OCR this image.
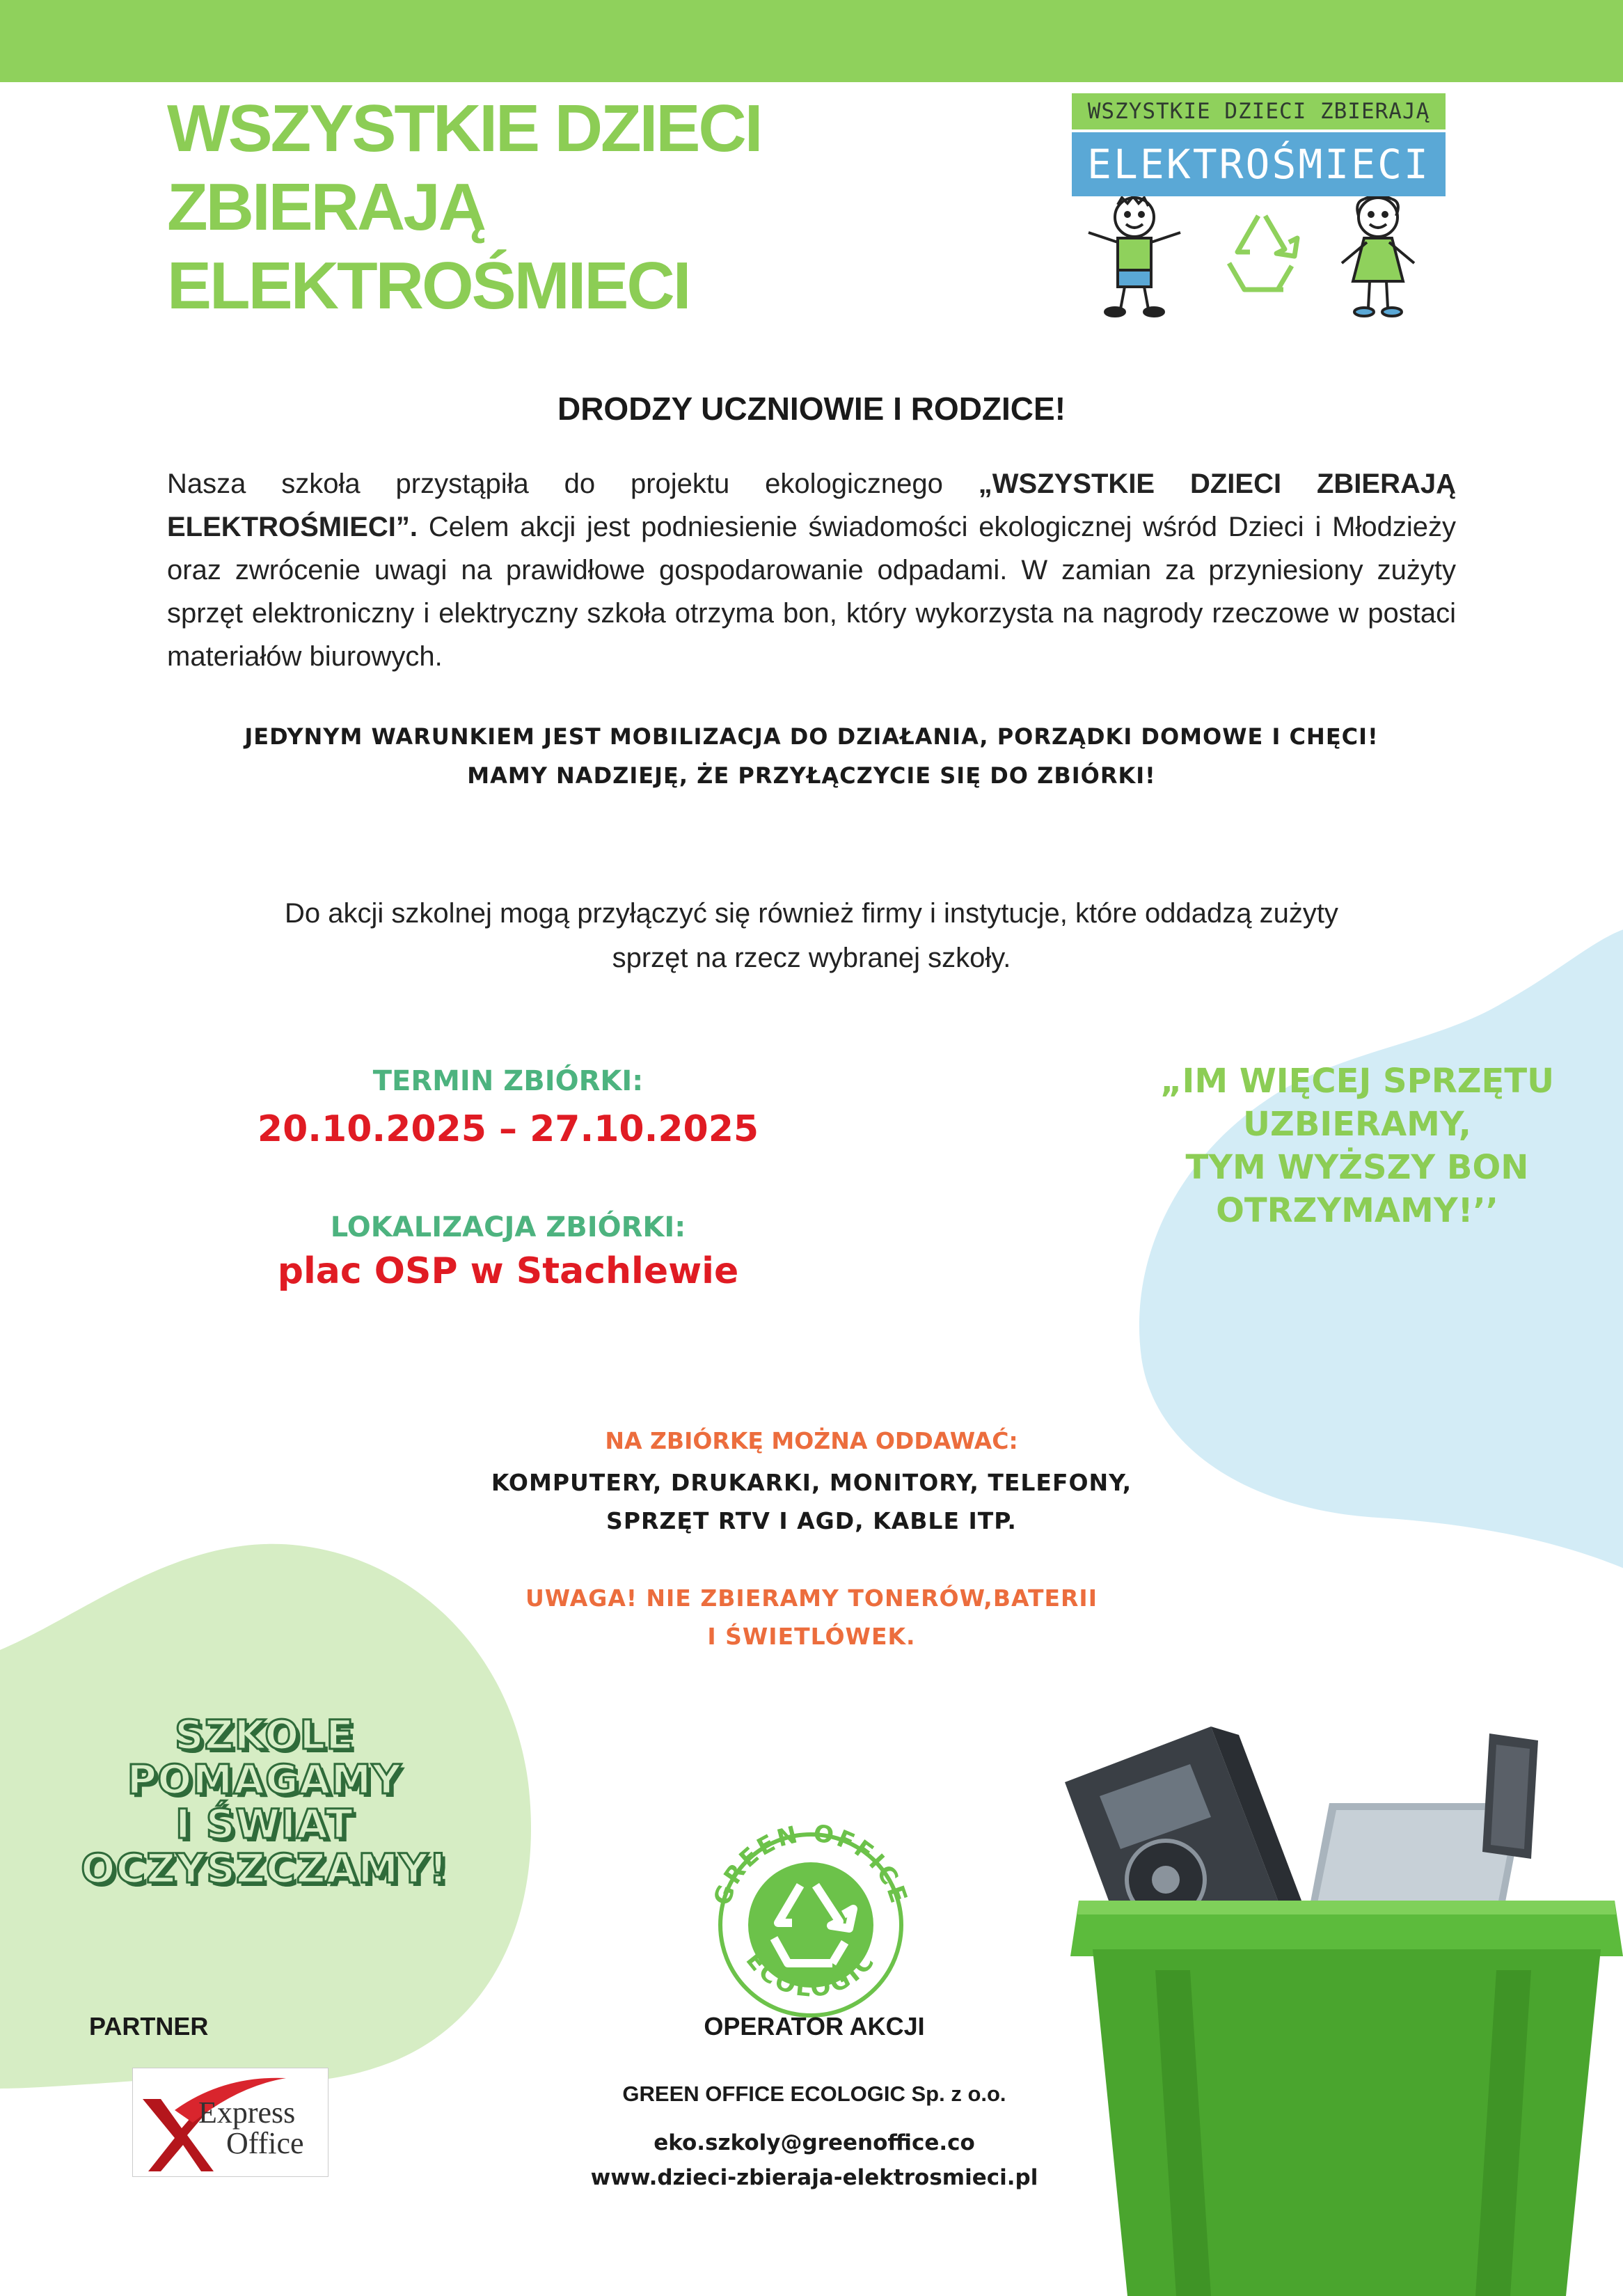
WSZYSTKIE DZIECI
ZBIERAJĄ
ELEKTROŚMIECI
WSZYSTKIE DZIECI ZBIERAJĄ
ELEKTROŚMIECI
DRODZY UCZNIOWIE I RODZICE!
Nasza szkoła przystąpiła do projektu ekologicznego „WSZYSTKIE DZIECI ZBIERAJĄ ELEKTROŚMIECI”. Celem akcji jest podniesienie świadomości ekologicznej wśród Dzieci i Młodzieży oraz zwrócenie uwagi na prawidłowe gospodarowanie odpadami. W zamian za przyniesiony zużyty sprzęt elektroniczny i elektryczny szkoła otrzyma bon, który wykorzysta na nagrody rzeczowe w postaci materiałów biurowych.
JEDYNYM WARUNKIEM JEST MOBILIZACJA DO DZIAŁANIA, PORZĄDKI DOMOWE I CHĘCI!
MAMY NADZIEJĘ, ŻE PRZYŁĄCZYCIE SIĘ DO ZBIÓRKI!
Do akcji szkolnej mogą przyłączyć się również firmy i instytucje, które oddadzą zużyty
sprzęt na rzecz wybranej szkoły.
TERMIN ZBIÓRKI:
20.10.2025 – 27.10.2025
LOKALIZACJA ZBIÓRKI:
plac OSP w Stachlewie
„IM WIĘCEJ SPRZĘTU
UZBIERAMY,
TYM WYŻSZY BON
OTRZYMAMY!’’
NA ZBIÓRKĘ MOŻNA ODDAWAĆ:
KOMPUTERY, DRUKARKI, MONITORY, TELEFONY,
SPRZĘT RTV I AGD, KABLE ITP.
UWAGA! NIE ZBIERAMY TONERÓW,BATERII
I ŚWIETLÓWEK.
SZKOLE
POMAGAMY
I ŚWIAT
OCZYSZCZAMY!
PARTNER
Express
Office
GREEN OFFICE
ECOLOGIC
OPERATOR AKCJI
GREEN OFFICE ECOLOGIC Sp. z o.o.
eko.szkoly@greenoffice.co
www.dzieci-zbieraja-elektrosmieci.pl
